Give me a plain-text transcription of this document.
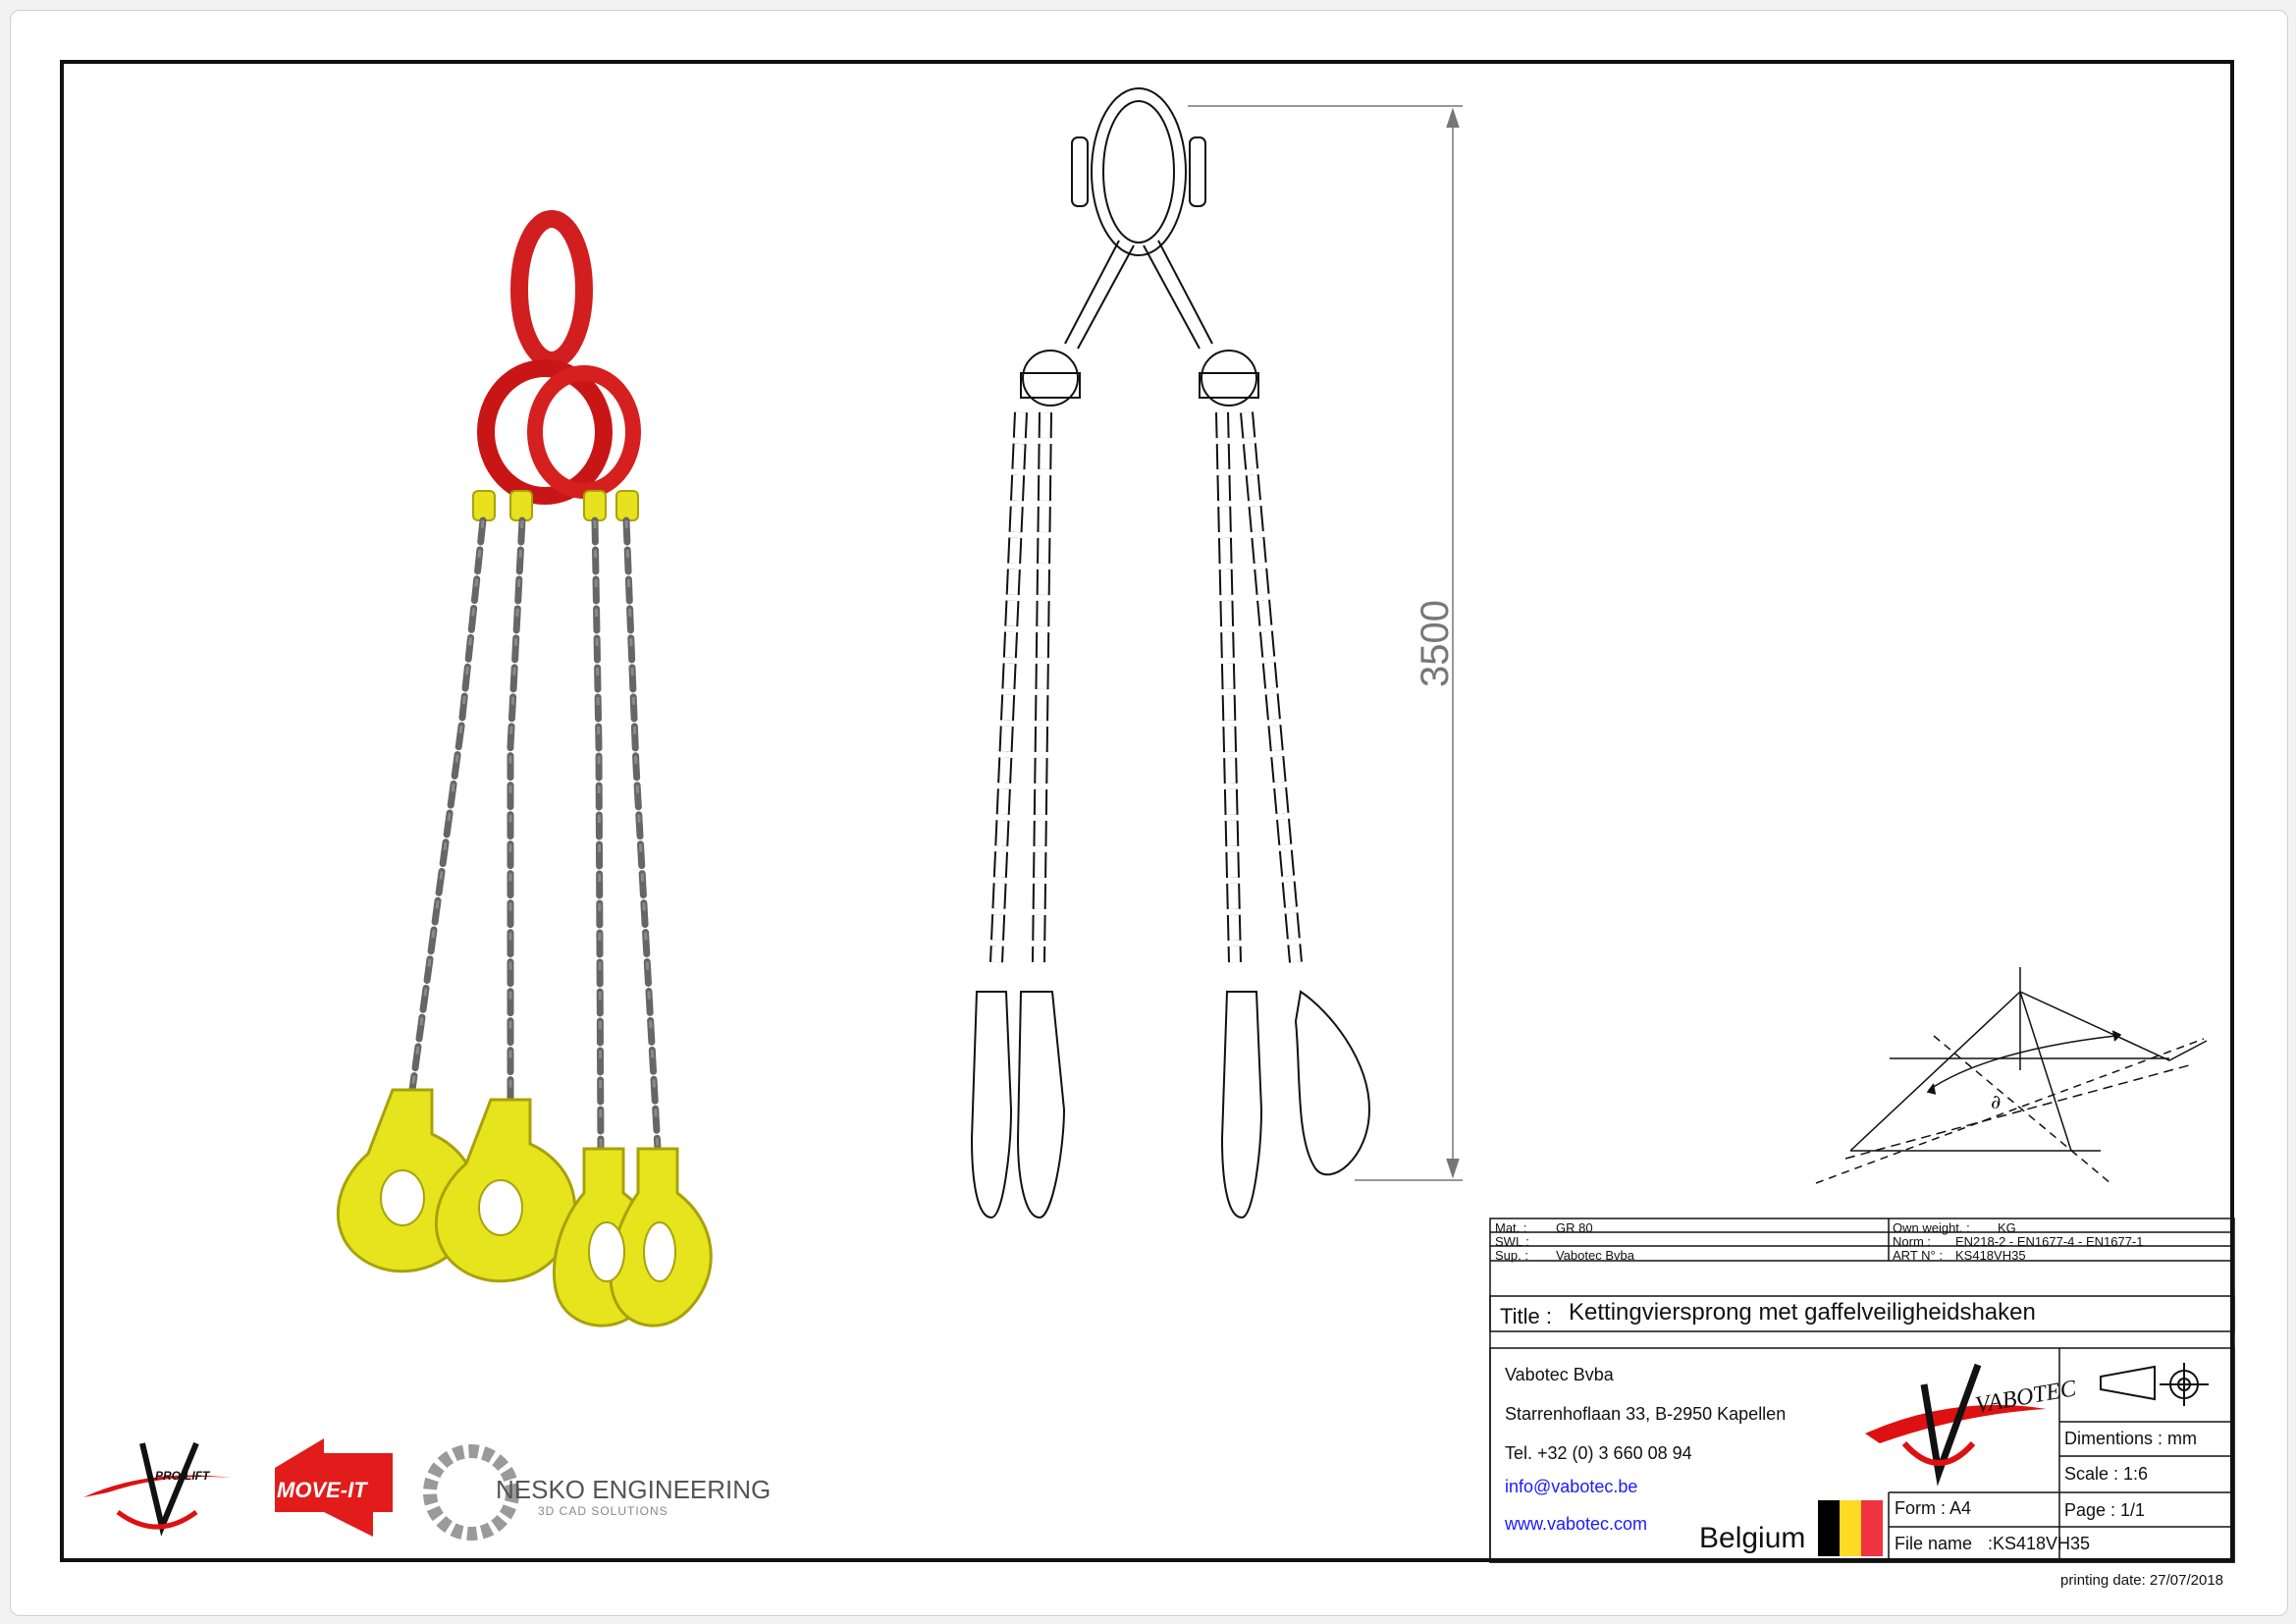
3500
∂
PRO-LIFT
MOVE-IT	NESKO ENGINEERING
3D CAD SOLUTIONS
VABOTEC
Mat. : GR 80
SWL :
Sup. : Vabotec Bvba
Own weight. : KG
Norm : EN218-2 - EN1677-4 - EN1677-1
ART N° : KS418VH35
Title : Kettingviersprong met gaffelveiligheidshaken
Vabotec Bvba
Starrenhoflaan 33, B-2950 Kapellen
Tel. +32 (0) 3 660 08 94
info@vabotec.be
www.vabotec.com Belgium
Dimentions : mm
Scale : 1:6
Form : A4	Page : 1/1
File name :KS418VH35
printing date: 27/07/2018
